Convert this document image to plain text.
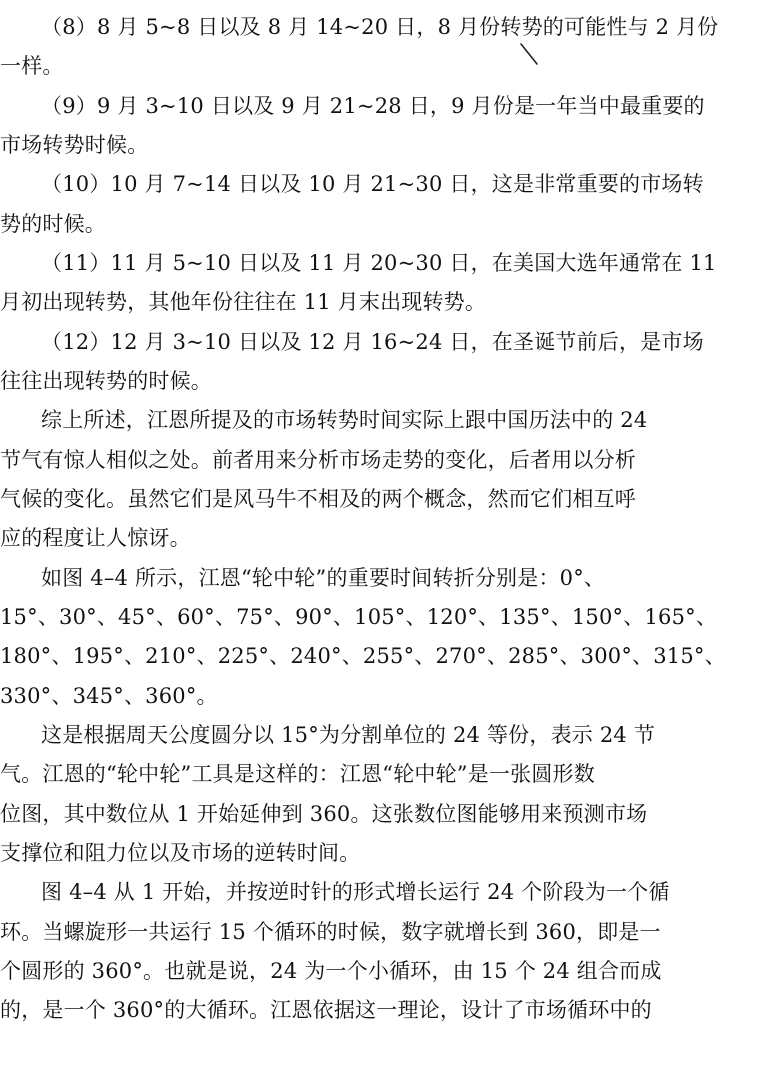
（8）8 月 5~8 日以及 8 月 14~20 日，8 月份转势的可能性与 2 月份
一样。
（9）9 月 3~10 日以及 9 月 21~28 日，9 月份是一年当中最重要的
市场转势时候。
（10）10 月 7~14 日以及 10 月 21~30 日，这是非常重要的市场转
势的时候。
（11）11 月 5~10 日以及 11 月 20~30 日，在美国大选年通常在 11
月初出现转势，其他年份往往在 11 月末出现转势。
（12）12 月 3~10 日以及 12 月 16~24 日，在圣诞节前后，是市场
往往出现转势的时候。
综上所述，江恩所提及的市场转势时间实际上跟中国历法中的 24
节气有惊人相似之处。前者用来分析市场走势的变化，后者用以分析
气候的变化。虽然它们是风马牛不相及的两个概念，然而它们相互呼
应的程度让人惊讶。
如图 4–4 所示，江恩“轮中轮”的重要时间转折分别是：0°、
15°、30°、45°、60°、75°、90°、105°、120°、135°、150°、165°、
180°、195°、210°、225°、240°、255°、270°、285°、300°、315°、
330°、345°、360°。
这是根据周天公度圆分以 15°为分割单位的 24 等份，表示 24 节
气。江恩的“轮中轮”工具是这样的：江恩“轮中轮”是一张圆形数
位图，其中数位从 1 开始延伸到 360。这张数位图能够用来预测市场
支撑位和阻力位以及市场的逆转时间。
图 4–4 从 1 开始，并按逆时针的形式增长运行 24 个阶段为一个循
环。当螺旋形一共运行 15 个循环的时候，数字就增长到 360，即是一
个圆形的 360°。也就是说，24 为一个小循环，由 15 个 24 组合而成
的，是一个 360°的大循环。江恩依据这一理论，设计了市场循环中的
